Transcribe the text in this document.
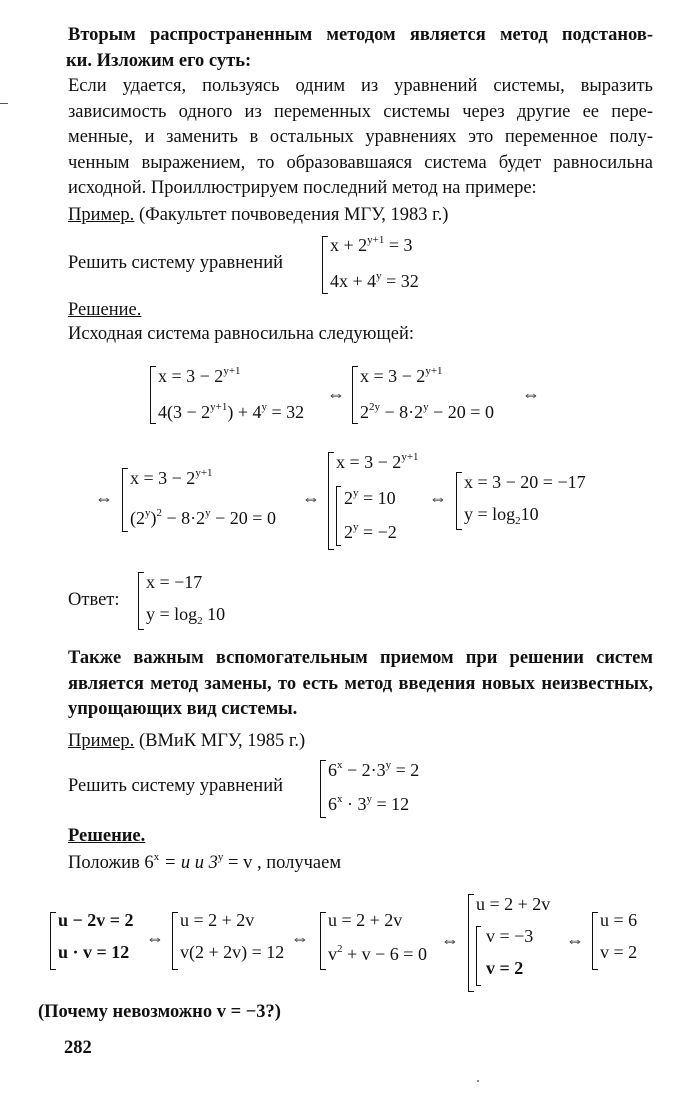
Вторым распространенным методом является метод подстанов-
ки. Изложим его суть:
Если удается, пользуясь одним из уравнений системы, выразить
зависимость одного из переменных системы через другие ее пере-
менные, и заменить в остальных уравнениях это переменное полу-
ченным выражением, то образовавшаяся система будет равносильна
исходной. Проиллюстрируем последний метод на примере:
Пример. (Факультет почвоведения МГУ, 1983 г.)
Решить систему уравнений
$x + 2^{y+1} = 3$
$4x + 4^y = 32$
Решение.
Исходная система равносильна следующей:
$x = 3 - 2^{y+1}$
$4(3 - 2^{y+1}) + 4^y = 32$
⇔
$x = 3 - 2^{y+1}$
$2^{2y} - 8\cdot 2^y - 20 = 0$
⇔
⇔
$x = 3 - 2^{y+1}$
$(2^y)^2 - 8\cdot 2^y - 20 = 0$
⇔
$x = 3 - 2^{y+1}$
$2^y = 10$
$2^y = -2$
⇔
x = 3 − 20 = −17
$y = \log_210$
Ответ:
x = −17
$y = \log_2 10$
Также важным вспомогательным приемом при решении систем
является метод замены, то есть метод введения новых неизвестных,
упрощающих вид системы.
Пример. (ВМиК МГУ, 1985 г.)
Решить систему уравнений
$6^x - 2\cdot 3^y = 2$
$6^x \cdot 3^y = 12$
Решение.
Положив $6^x = u$ и $3^y = v$ , получаем
u − 2v = 2
u · v = 12
⇔
u = 2 + 2v
v(2 + 2v) = 12
⇔
u = 2 + 2v
$v^2 + v - 6 = 0$
⇔
u = 2 + 2v
v = −3
v = 2
⇔
u = 6
v = 2
(Почему невозможно v = −3?)
282
